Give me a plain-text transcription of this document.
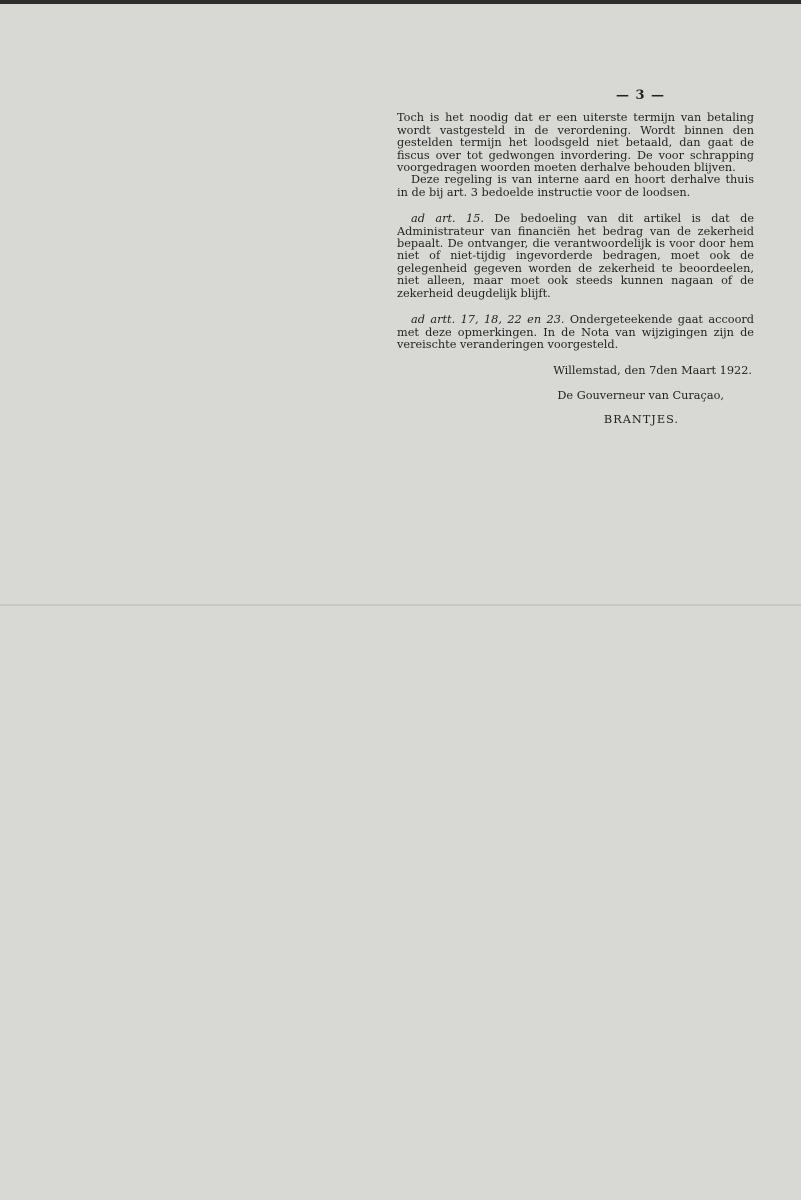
— 3 —

Toch is het noodig dat er een uiterste termijn van betaling wordt vastgesteld in de verordening. Wordt binnen den gestelden termijn het loodsgeld niet betaald, dan gaat de fiscus over tot gedwongen invordering. De voor schrapping voorgedragen woorden moeten derhalve behouden blijven.

Deze regeling is van interne aard en hoort derhalve thuis in de bij art. 3 bedoelde instructie voor de loodsen.

ad art. 15. De bedoeling van dit artikel is dat de Administrateur van financiën het bedrag van de zekerheid bepaalt. De ontvanger, die verantwoordelijk is voor door hem niet of niet-tijdig ingevorderde bedragen, moet ook de gelegenheid gegeven worden de zekerheid te beoordeelen, niet alleen, maar moet ook steeds kunnen nagaan of de zekerheid deugdelijk blijft.

ad artt. 17, 18, 22 en 23. Ondergeteekende gaat accoord met deze opmerkingen. In de Nota van wijzigingen zijn de vereischte veranderingen voorgesteld.

Willemstad, den 7den Maart 1922.
De Gouverneur van Curaçao,
BRANTJES.
